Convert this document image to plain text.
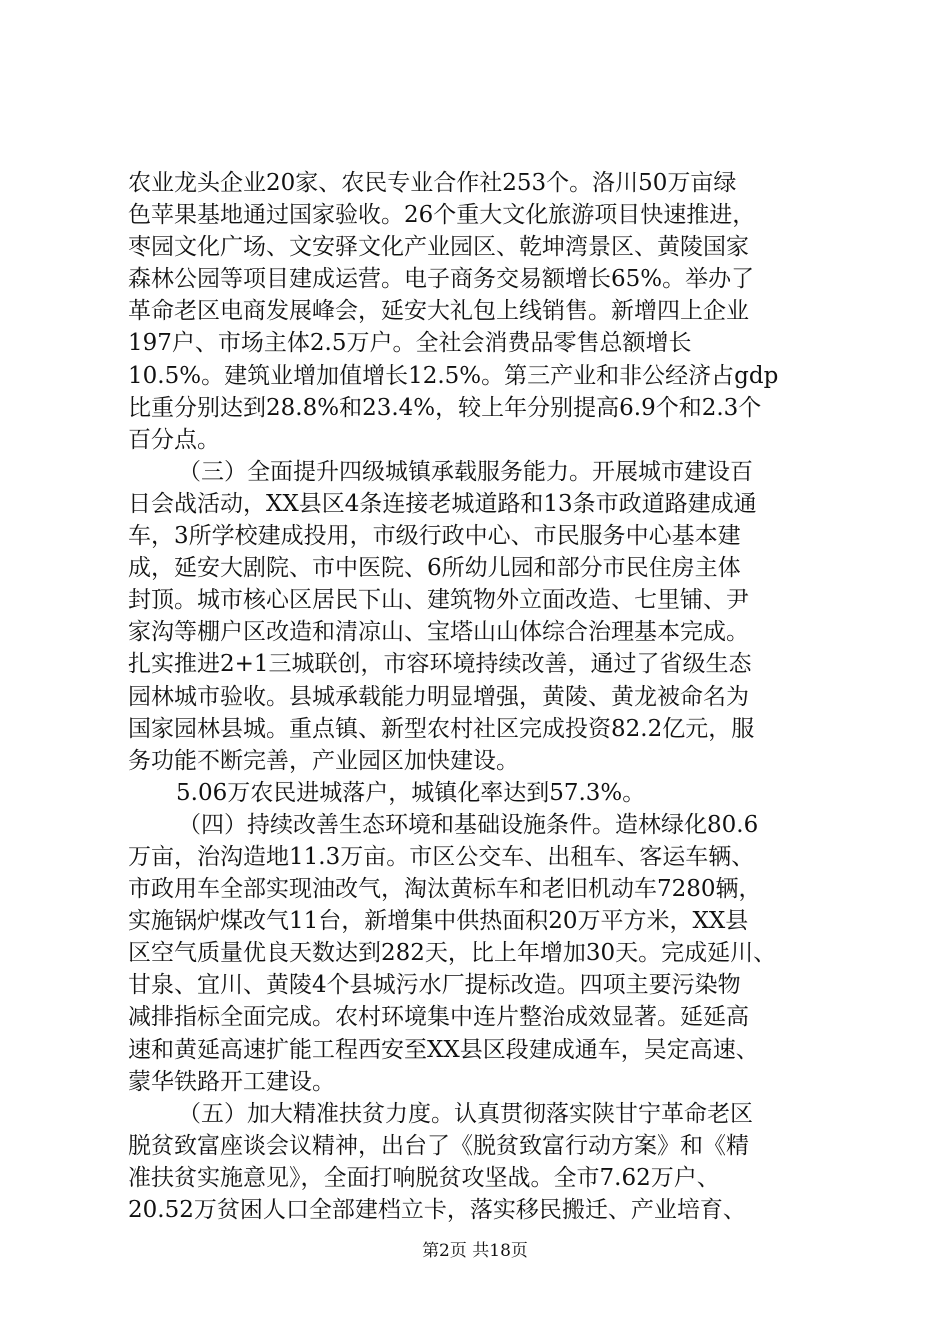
农业龙头企业20家、农民专业合作社253个。洛川50万亩绿
色苹果基地通过国家验收。26个重大文化旅游项目快速推进，
枣园文化广场、文安驿文化产业园区、乾坤湾景区、黄陵国家
森林公园等项目建成运营。电子商务交易额增长65%。举办了
革命老区电商发展峰会，延安大礼包上线销售。新增四上企业
197户、市场主体2.5万户。全社会消费品零售总额增长
10.5%。建筑业增加值增长12.5%。第三产业和非公经济占gdp
比重分别达到28.8%和23.4%，较上年分别提高6.9个和2.3个
百分点。
（三）全面提升四级城镇承载服务能力。开展城市建设百
日会战活动，XX县区4条连接老城道路和13条市政道路建成通
车，3所学校建成投用，市级行政中心、市民服务中心基本建
成，延安大剧院、市中医院、6所幼儿园和部分市民住房主体
封顶。城市核心区居民下山、建筑物外立面改造、七里铺、尹
家沟等棚户区改造和清凉山、宝塔山山体综合治理基本完成。
扎实推进2+1三城联创，市容环境持续改善，通过了省级生态
园林城市验收。县城承载能力明显增强，黄陵、黄龙被命名为
国家园林县城。重点镇、新型农村社区完成投资82.2亿元，服
务功能不断完善，产业园区加快建设。
5.06万农民进城落户，城镇化率达到57.3%。
（四）持续改善生态环境和基础设施条件。造林绿化80.6
万亩，治沟造地11.3万亩。市区公交车、出租车、客运车辆、
市政用车全部实现油改气，淘汰黄标车和老旧机动车7280辆，
实施锅炉煤改气11台，新增集中供热面积20万平方米，XX县
区空气质量优良天数达到282天，比上年增加30天。完成延川、
甘泉、宜川、黄陵4个县城污水厂提标改造。四项主要污染物
减排指标全面完成。农村环境集中连片整治成效显著。延延高
速和黄延高速扩能工程西安至XX县区段建成通车，吴定高速、
蒙华铁路开工建设。
（五）加大精准扶贫力度。认真贯彻落实陕甘宁革命老区
脱贫致富座谈会议精神，出台了《脱贫致富行动方案》和《精
准扶贫实施意见》，全面打响脱贫攻坚战。全市7.62万户、
20.52万贫困人口全部建档立卡，落实移民搬迁、产业培育、
第2页 共18页
